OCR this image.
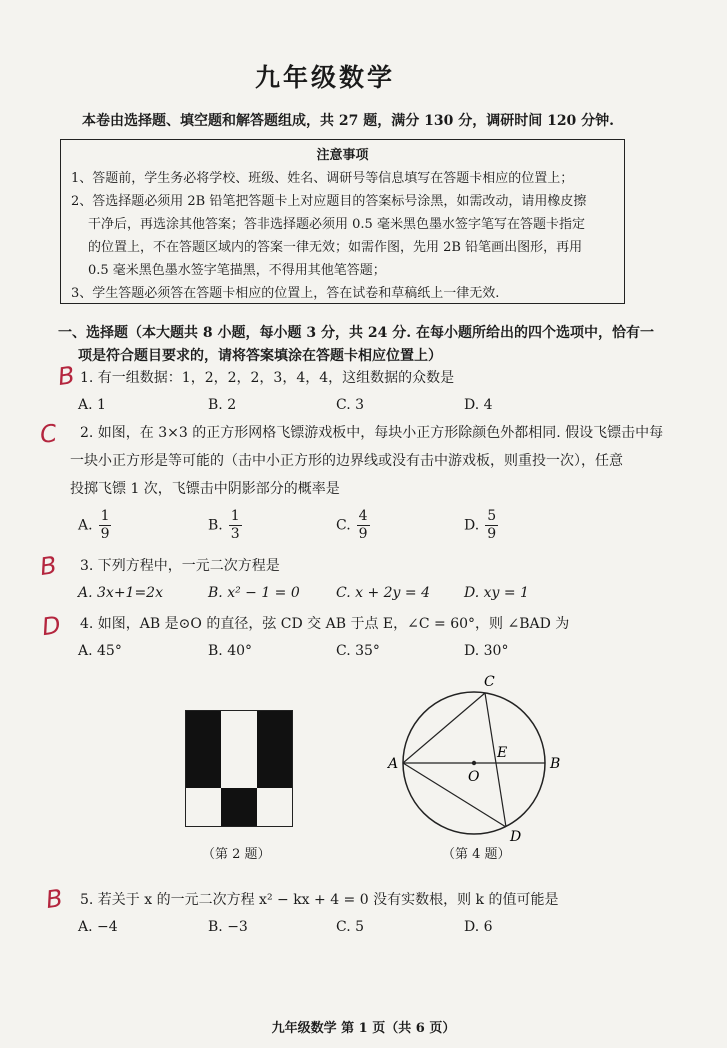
九年级数学
本卷由选择题、填空题和解答题组成，共 27 题，满分 130 分，调研时间 120 分钟.
注意事项
1、答题前，学生务必将学校、班级、姓名、调研号等信息填写在答题卡相应的位置上；
2、答选择题必须用 2B 铅笔把答题卡上对应题目的答案标号涂黑，如需改动，请用橡皮擦
干净后，再选涂其他答案；答非选择题必须用 0.5 毫米黑色墨水签字笔写在答题卡指定
的位置上，不在答题区域内的答案一律无效；如需作图，先用 2B 铅笔画出图形，再用
0.5 毫米黑色墨水签字笔描黑，不得用其他笔答题；
3、学生答题必须答在答题卡相应的位置上，答在试卷和草稿纸上一律无效.
一、选择题（本大题共 8 小题，每小题 3 分，共 24 分. 在每小题所给出的四个选项中，恰有一
项是符合题目要求的，请将答案填涂在答题卡相应位置上）
B 1. 有一组数据：1，2，2，2，3，4，4，这组数据的众数是
A. 1	B. 2	C. 3	D. 4
C 2. 如图，在 3×3 的正方形网格飞镖游戏板中，每块小正方形除颜色外都相同. 假设飞镖击中每
一块小正方形是等可能的（击中小正方形的边界线或没有击中游戏板，则重投一次），任意
投掷飞镖 1 次，飞镖击中阴影部分的概率是
A. $\frac{1}{9}$	B. $\frac{1}{3}$	C. $\frac{4}{9}$	D. $\frac{5}{9}$
B 3. 下列方程中，一元二次方程是
A. 3x+1=2x	B. x² − 1 = 0	C. x + 2y = 4 D. xy = 1
D 4. 如图，AB 是⊙O 的直径，弦 CD 交 AB 于点 E，∠C = 60°，则 ∠BAD 为
A. 45°	B. 40°	C. 35°	D. 30°
（第 2 题）
A	B
C
D
E
O
（第 4 题）
B 5. 若关于 x 的一元二次方程 x² − kx + 4 = 0 没有实数根，则 k 的值可能是
A. −4	B. −3	C. 5	D. 6
九年级数学 第 1 页（共 6 页）
